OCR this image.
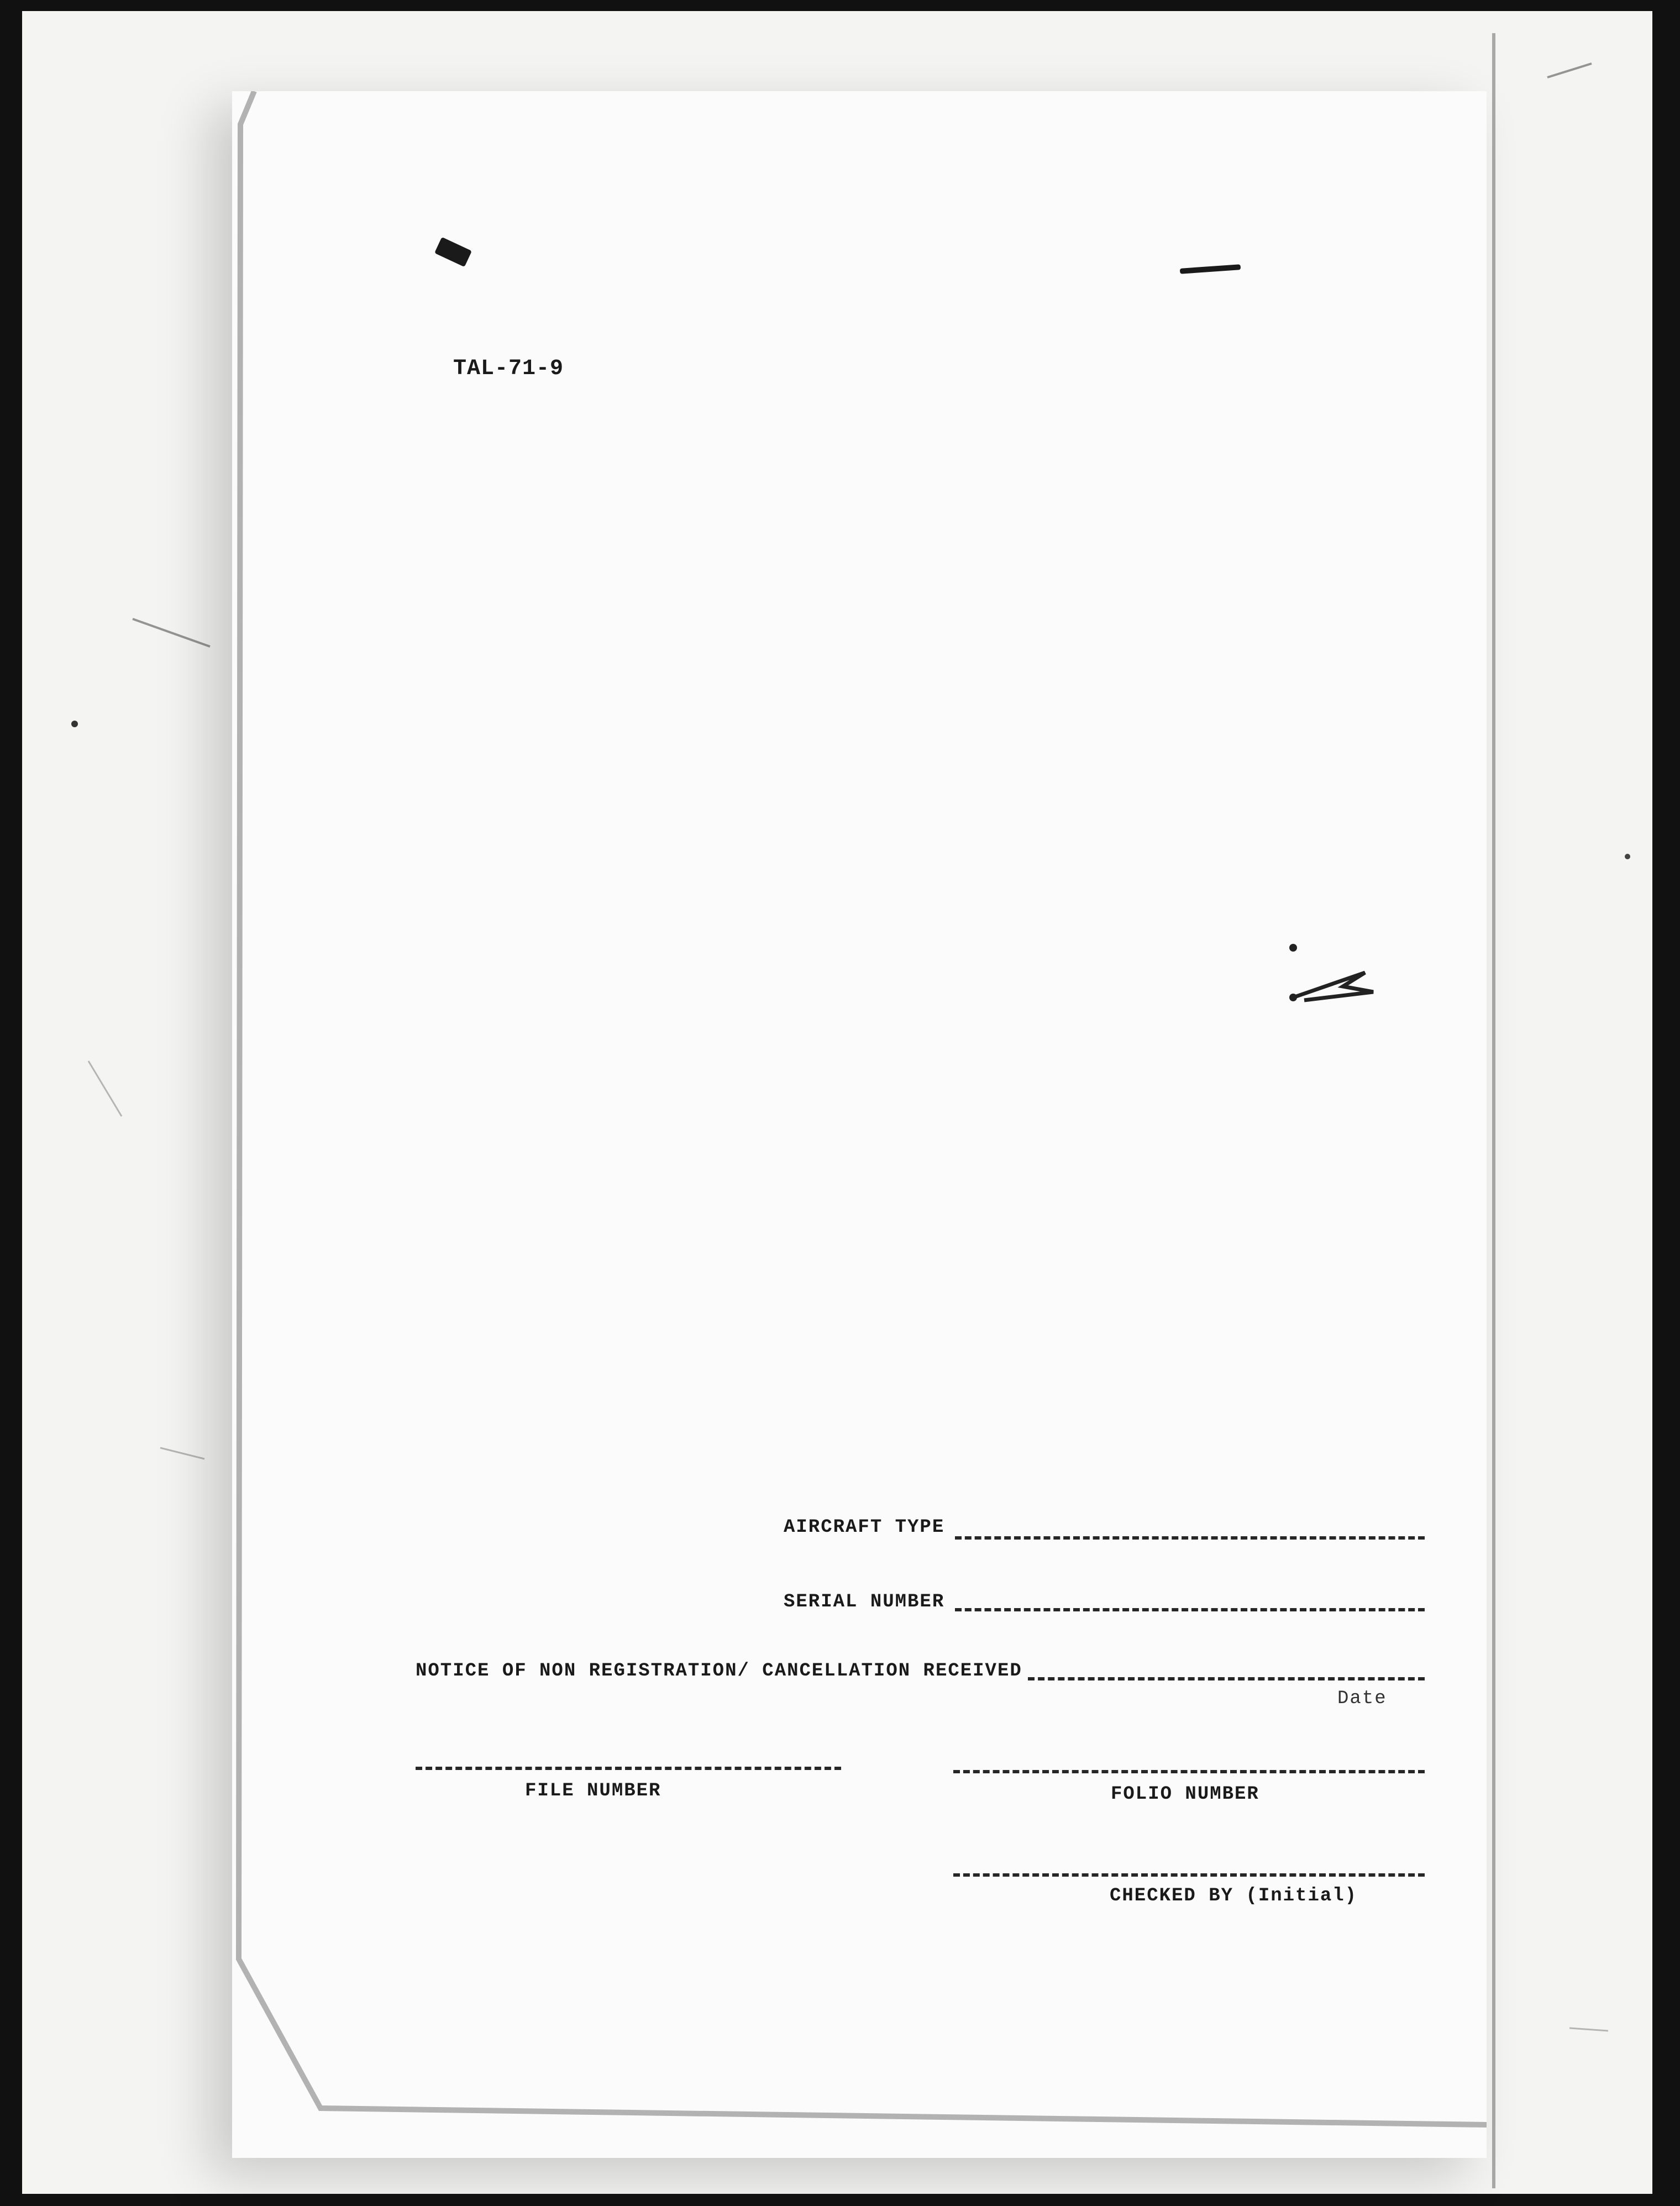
TAL-71-9
AIRCRAFT TYPE
SERIAL NUMBER
NOTICE OF NON REGISTRATION/ CANCELLATION RECEIVED
Date
FILE NUMBER	FOLIO NUMBER
CHECKED BY (Initial)
